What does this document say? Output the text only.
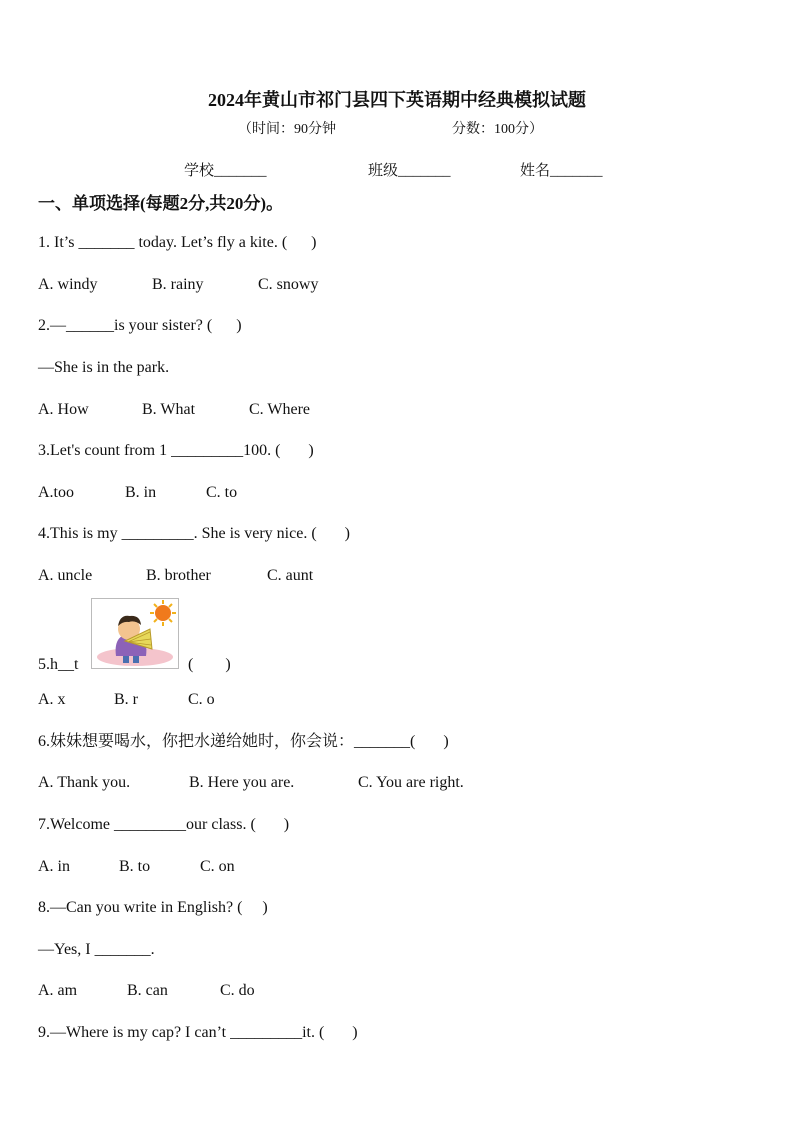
2024年黄山市祁门县四下英语期中经典模拟试题
（时间：90分钟	分数：100分）
学校_______	班级_______	姓名_______
一、单项选择(每题2分,共20分)。
1. It’s _______ today. Let’s fly a kite. (      )
A. windy	B. rainy	C. snowy
2.—______is your sister? (      )
—She is in the park.
A. How	B. What	C. Where
3.Let's count from 1 _________100. (       )
A.too	B. in	C. to
4.This is my _________. She is very nice. (       )
A. uncle	B. brother	C. aunt
5.h__t	(        )
A. x	B. r	C. o
6.妹妹想要喝水，你把水递给她时，你会说：_______(       )
A. Thank you.	B. Here you are.	C. You are right.
7.Welcome _________our class. (       )
A. in	B. to	C. on
8.—Can you write in English? (     )
—Yes, I _______.
A. am	B. can	C. do
9.—Where is my cap? I can’t _________it. (       )
